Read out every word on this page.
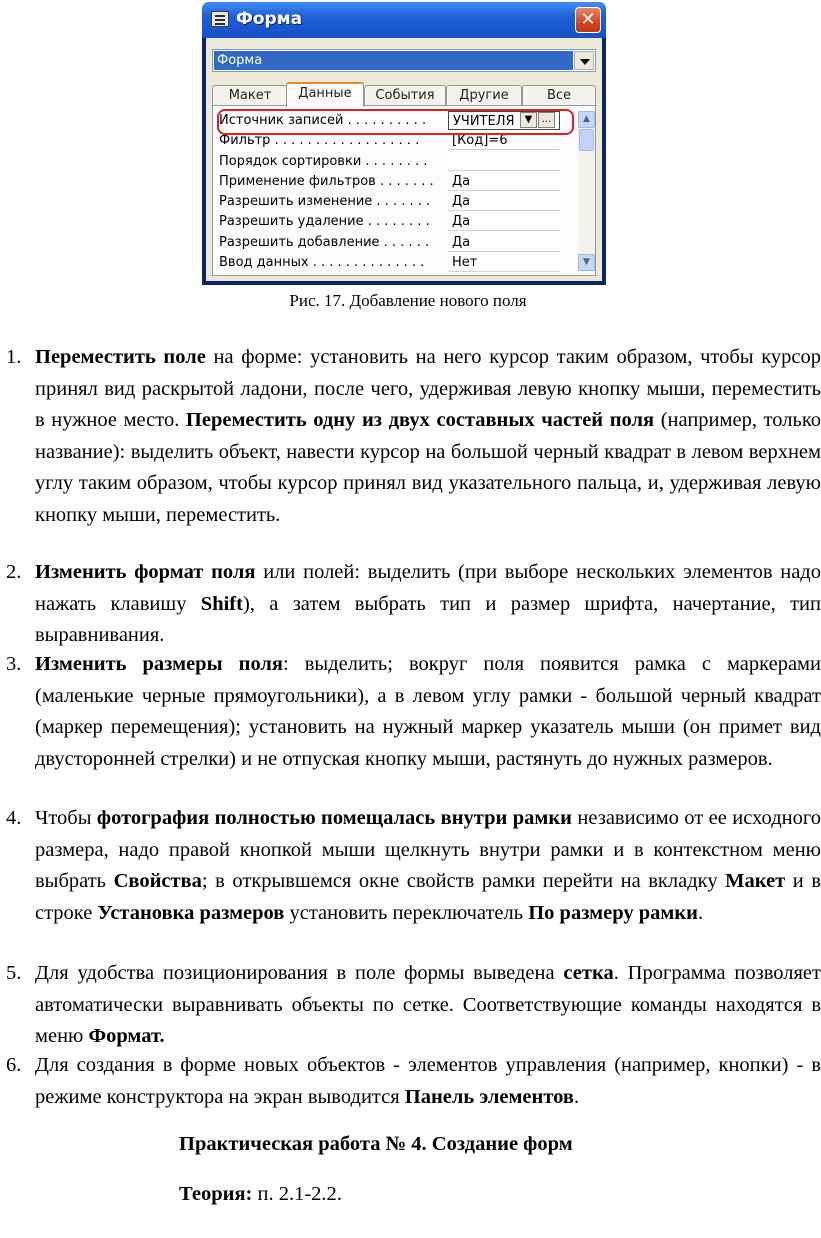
Форма	✕
Форма
Макет	Данные	События	Другие	Все
Источник записей . . . . . . . . . .	УЧИТЕЛЯ	▼ ...
Фильтр . . . . . . . . . . . . . . . . . .	[Код]=6
Порядок сортировки . . . . . . . .
Применение фильтров . . . . . . .	Да
Разрешить изменение . . . . . . .	Да
Разрешить удаление . . . . . . . .	Да
Разрешить добавление . . . . . .	Да
Ввод данных . . . . . . . . . . . . . .	Нет
▲
▼
Рис. 17. Добавление нового поля
1. Переместить поле на форме: установить на него курсор таким образом, чтобы курсор принял вид раскрытой ладони, после чего, удерживая левую кнопку мыши, переместить в нужное место. Переместить одну из двух составных частей поля (например, только название): выделить объект, навести курсор на большой черный квадрат в левом верхнем углу таким образом, чтобы курсор принял вид указательного пальца, и, удерживая левую кнопку мыши, переместить.
2. Изменить формат поля или полей: выделить (при выборе нескольких элементов надо нажать клавишу Shift), а затем выбрать тип и размер шрифта, начертание, тип выравнивания.
3. Изменить размеры поля: выделить; вокруг поля появится рамка с маркерами (маленькие черные прямоугольники), а в левом углу рамки - большой черный квадрат (маркер перемещения); установить на нужный маркер указатель мыши (он примет вид двусторонней стрелки) и не отпуская кнопку мыши, растянуть до нужных размеров.
4. Чтобы фотография полностью помещалась внутри рамки независимо от ее исходного размера, надо правой кнопкой мыши щелкнуть внутри рамки и в контекстном меню выбрать Свойства; в открывшемся окне свойств рамки перейти на вкладку Макет и в строке Установка размеров установить переключатель По размеру рамки.
5. Для удобства позиционирования в поле формы выведена сетка. Программа позволяет автоматически выравнивать объекты по сетке. Соответствующие команды находятся в меню Формат.
6. Для создания в форме новых объектов - элементов управления (например, кнопки) - в режиме конструктора на экран выводится Панель элементов.
Практическая работа № 4. Создание форм
Теория: п. 2.1-2.2.
